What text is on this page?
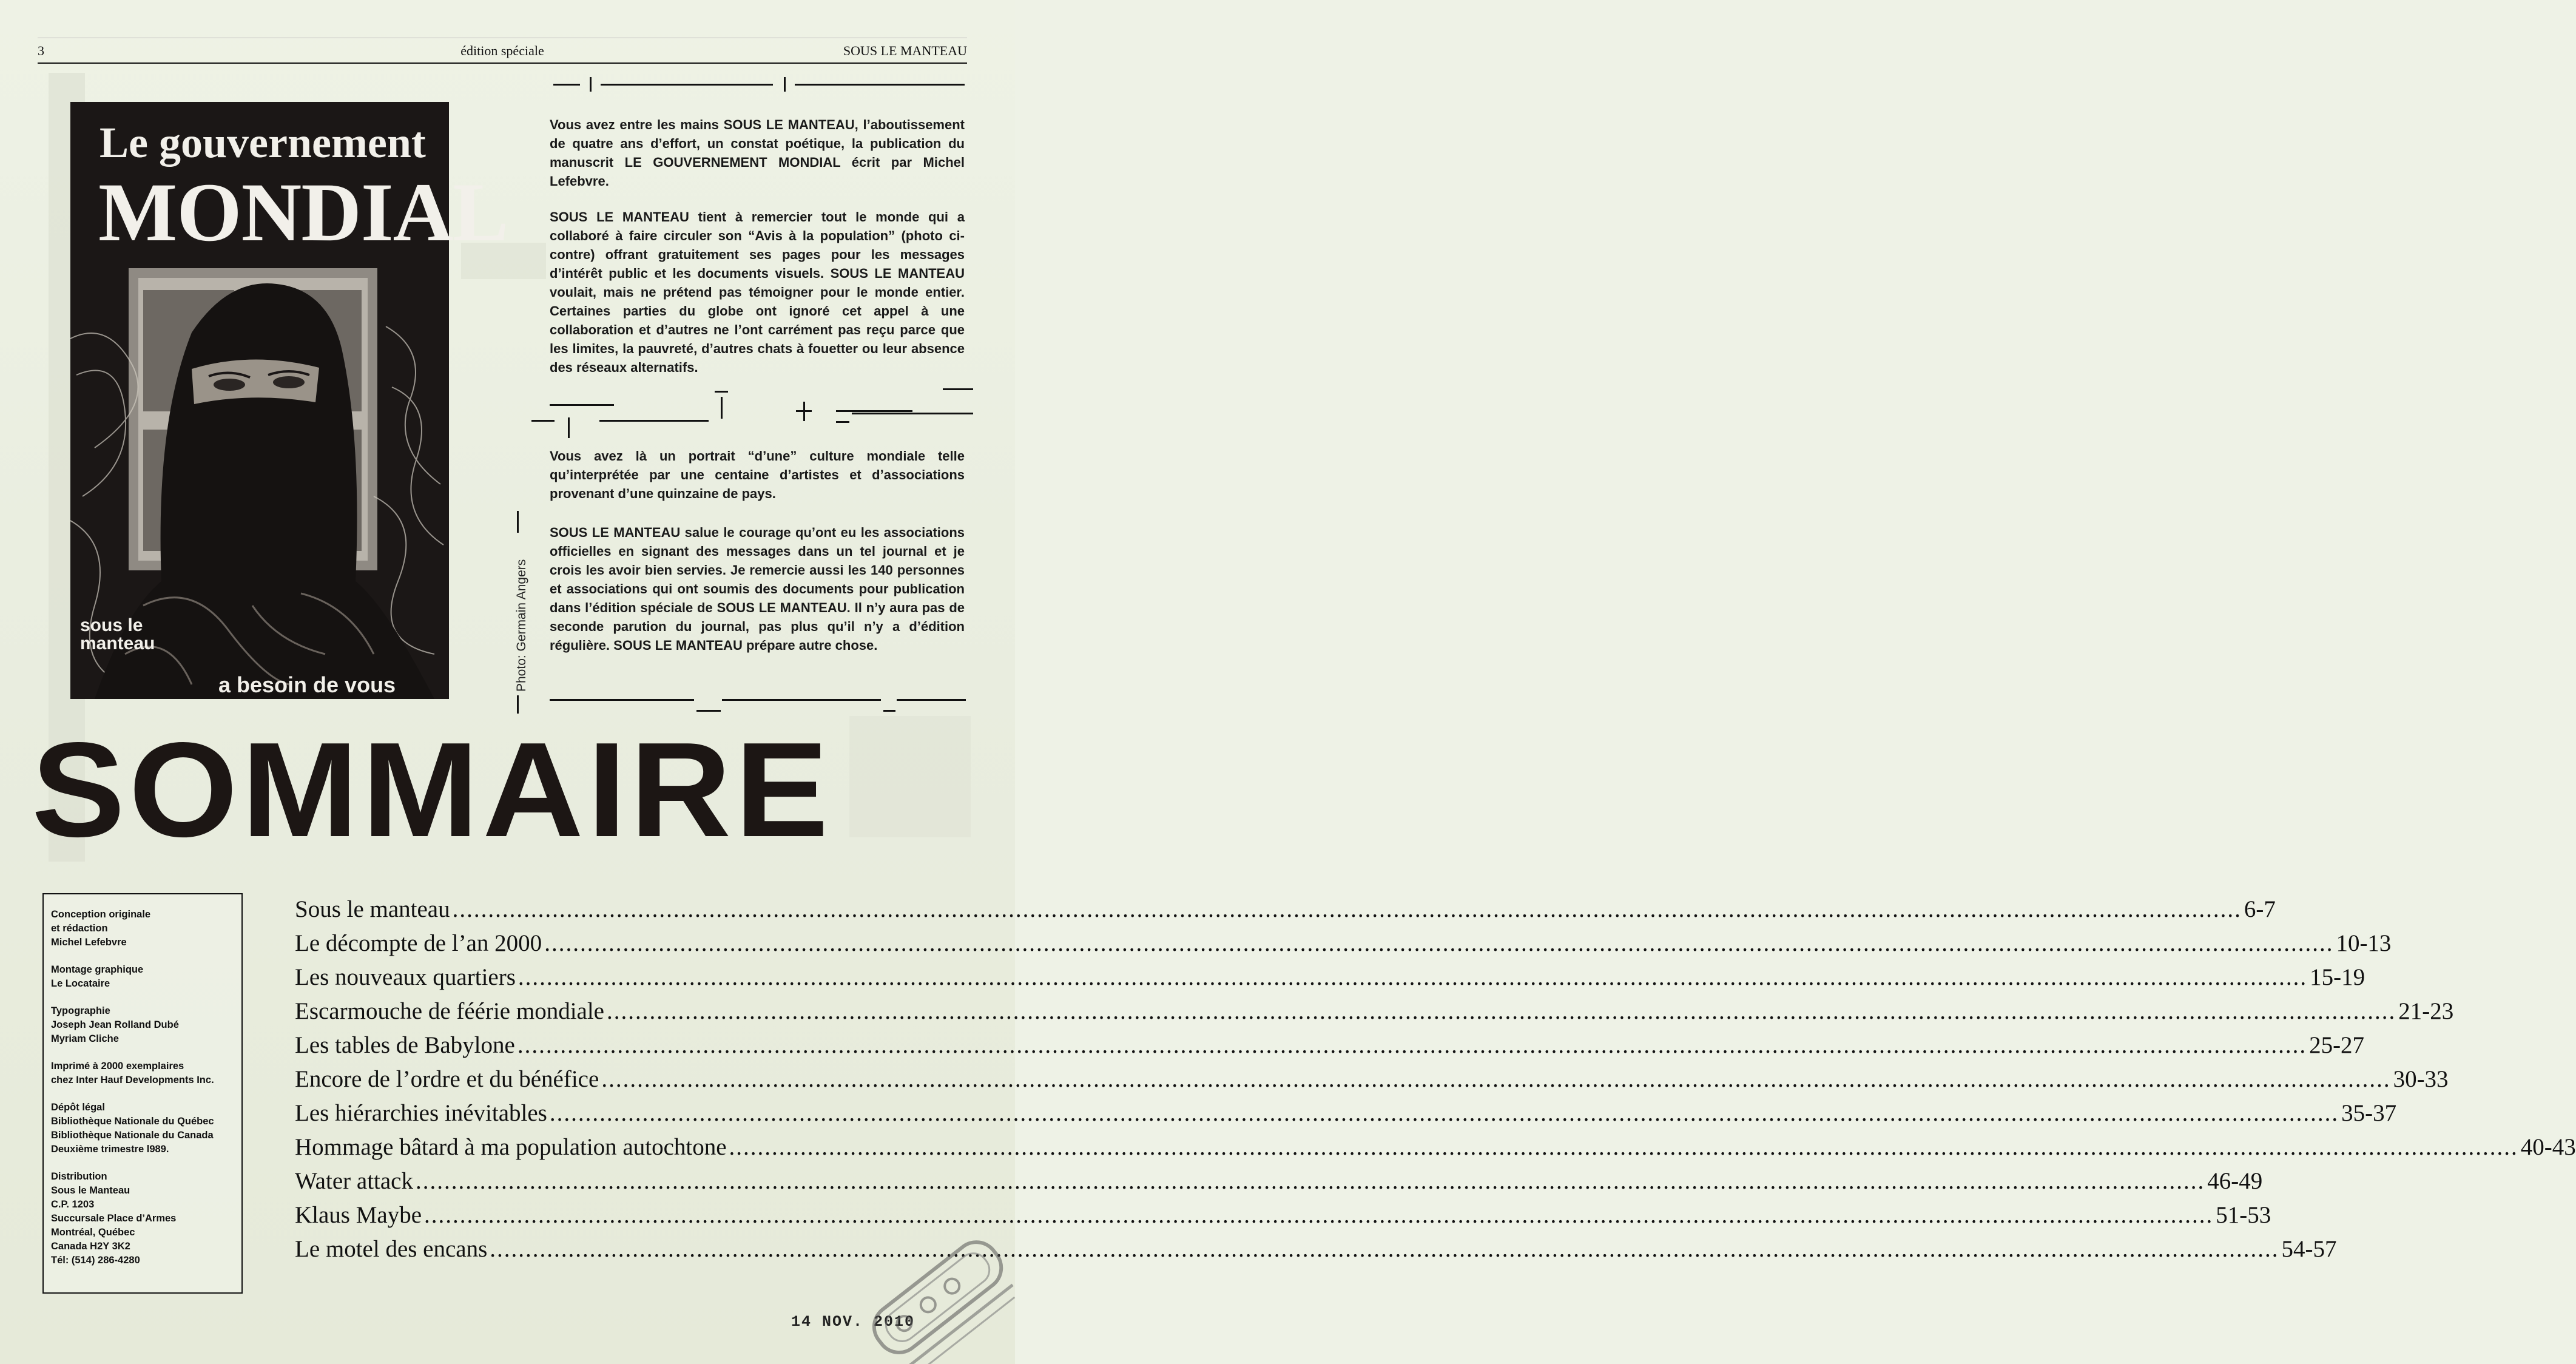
3	édition spéciale	SOUS LE MANTEAU
Le gouvernement
MONDIAL
sous le
manteau
a besoin de vous
Vous avez entre les mains SOUS LE MANTEAU, l’aboutissement de quatre ans d’effort, un constat poétique, la publication du manuscrit LE GOUVERNEMENT MONDIAL écrit par Michel Lefebvre.
SOUS LE MANTEAU tient à remercier tout le monde qui a collaboré à faire circuler son “Avis à la population” (photo ci-contre) offrant gratuitement ses pages pour les messages d’intérêt public et les documents visuels. SOUS LE MANTEAU voulait, mais ne prétend pas témoigner pour le monde entier. Certaines parties du globe ont ignoré cet appel à une collaboration et d’autres ne l’ont carrément pas reçu parce que les limites, la pauvreté, d’autres chats à fouetter ou leur absence des réseaux alternatifs.
Vous avez là un portrait “d’une” culture mondiale telle qu’interprétée par une centaine d’artistes et d’associations provenant d’une quinzaine de pays.
SOUS LE MANTEAU salue le courage qu’ont eu les associations officielles en signant des messages dans un tel journal et je crois les avoir bien servies. Je remercie aussi les 140 personnes et associations qui ont soumis des documents pour publication dans l’édition spéciale de SOUS LE MANTEAU. Il n’y aura pas de seconde parution du journal, pas plus qu’il n’y a d’édition régulière. SOUS LE MANTEAU prépare autre chose.
Photo: Germain Angers
SOMMAIRE
Conception originale
et rédaction
Michel Lefebvre
Montage graphique
Le Locataire
Typographie
Joseph Jean Rolland Dubé
Myriam Cliche
Imprimé à 2000 exemplaires
chez Inter Hauf Developments Inc.
Dépôt légal
Bibliothèque Nationale du Québec
Bibliothèque Nationale du Canada
Deuxième trimestre l989.
Distribution
Sous le Manteau
C.P. 1203
Succursale Place d’Armes
Montréal, Québec
Canada H2Y 3K2
Tél: (514) 286-4280
Sous le manteau .....	6-7
Le décompte de l’an 2000 .....	10-13
Les nouveaux quartiers .....	15-19
Escarmouche de féérie mondiale .....	21-23
Les tables de Babylone .....	25-27
Encore de l’ordre et du bénéfice .....	30-33
Les hiérarchies inévitables .....	35-37
Hommage bâtard à ma population autochtone .....	40-43
Water attack .....	46-49
Klaus Maybe .....	51-53
Le motel des encans .....	54-57
14 NOV. 2010
